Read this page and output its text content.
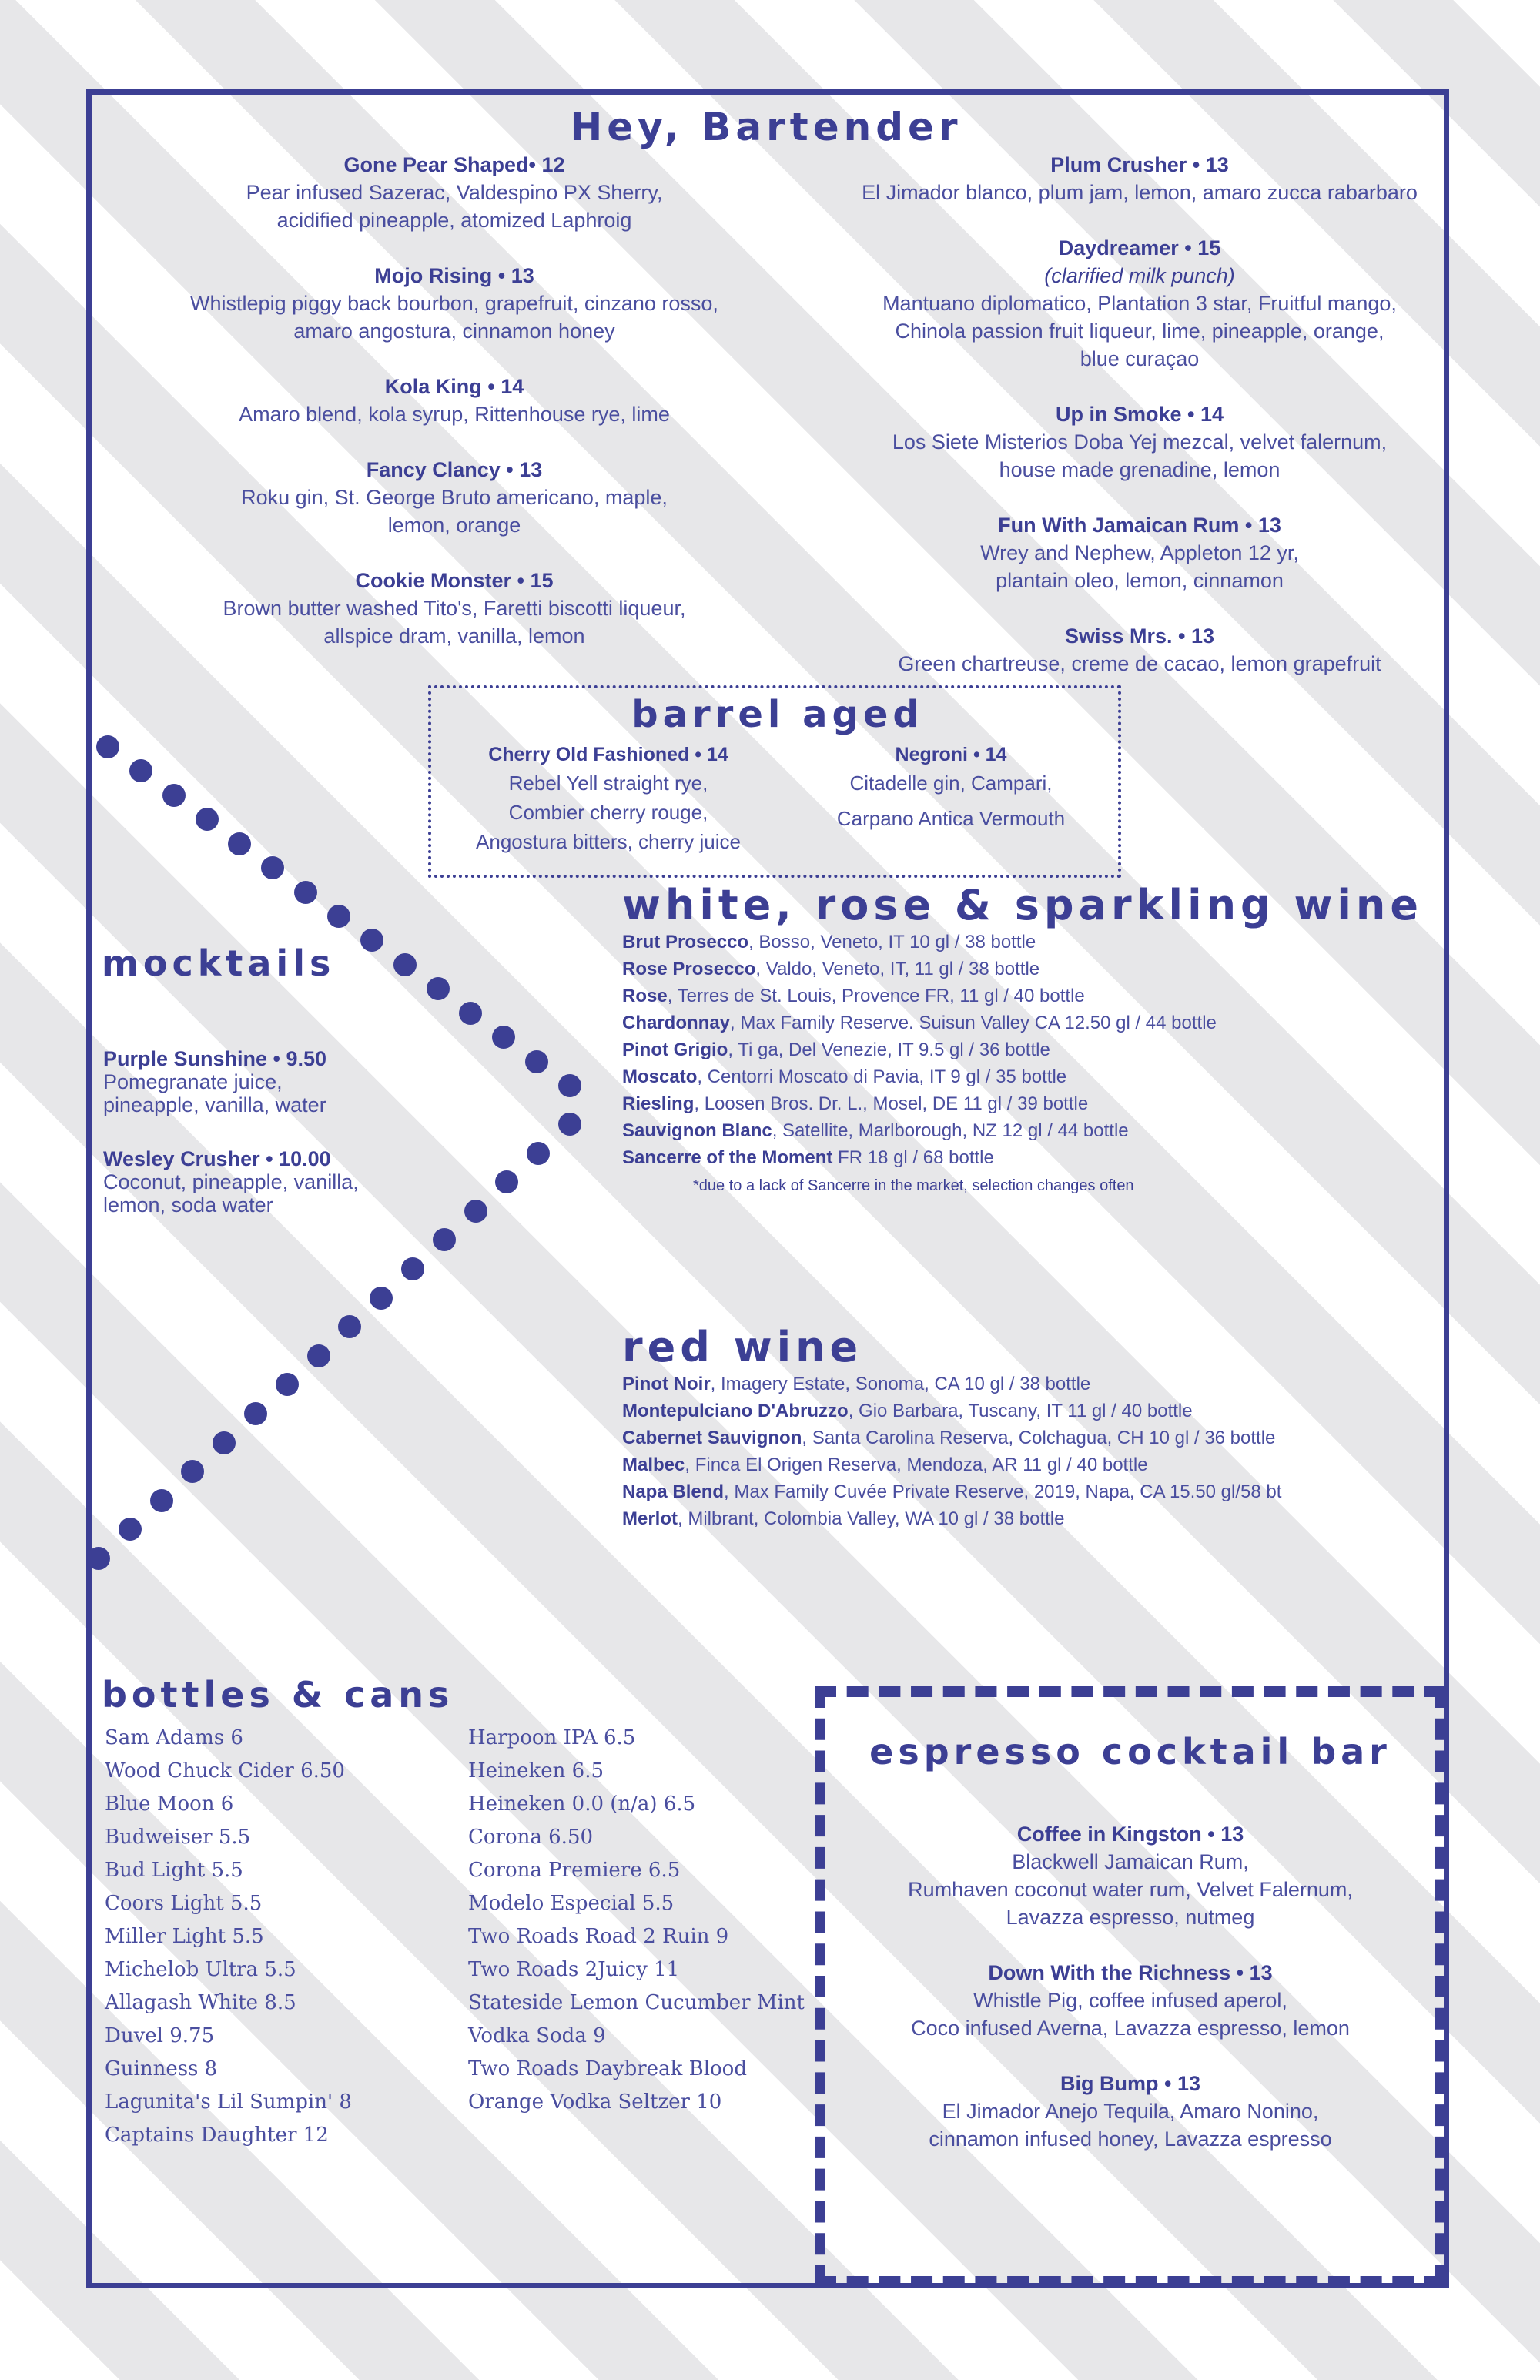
Hey, Bartender
Gone Pear Shaped• 12
Pear infused Sazerac, Valdespino PX Sherry,
acidified pineapple, atomized Laphroig
Mojo Rising • 13
Whistlepig piggy back bourbon, grapefruit, cinzano rosso,
amaro angostura, cinnamon honey
Kola King • 14
Amaro blend, kola syrup, Rittenhouse rye, lime
Fancy Clancy • 13
Roku gin, St. George Bruto americano, maple,
lemon, orange
Cookie Monster • 15
Brown butter washed Tito's, Faretti biscotti liqueur,
allspice dram, vanilla, lemon
Plum Crusher • 13
El Jimador blanco, plum jam, lemon, amaro zucca rabarbaro
Daydreamer • 15
(clarified milk punch)
Mantuano diplomatico, Plantation 3 star, Fruitful mango,
Chinola passion fruit liqueur, lime, pineapple, orange,
blue curaçao
Up in Smoke • 14
Los Siete Misterios Doba Yej mezcal, velvet falernum,
house made grenadine, lemon
Fun With Jamaican Rum • 13
Wrey and Nephew, Appleton 12 yr,
plantain oleo, lemon, cinnamon
Swiss Mrs. • 13
Green chartreuse, creme de cacao, lemon grapefruit
barrel aged
Cherry Old Fashioned • 14
Rebel Yell straight rye,
Combier cherry rouge,
Angostura bitters, cherry juice
Negroni • 14
Citadelle gin, Campari,
Carpano Antica Vermouth
white, rose & sparkling wine
Brut Prosecco, Bosso, Veneto, IT 10 gl / 38 bottle
Rose Prosecco, Valdo, Veneto, IT, 11 gl / 38 bottle
Rose, Terres de St. Louis, Provence FR, 11 gl / 40 bottle
Chardonnay, Max Family Reserve. Suisun Valley CA 12.50 gl / 44 bottle
Pinot Grigio, Ti ga, Del Venezie, IT 9.5 gl / 36 bottle
Moscato, Centorri Moscato di Pavia, IT 9 gl / 35 bottle
Riesling, Loosen Bros. Dr. L., Mosel, DE 11 gl / 39 bottle
Sauvignon Blanc, Satellite, Marlborough, NZ 12 gl / 44 bottle
Sancerre of the Moment FR 18 gl / 68 bottle
*due to a lack of Sancerre in the market, selection changes often
mocktails
Purple Sunshine • 9.50
Pomegranate juice,
pineapple, vanilla, water
Wesley Crusher • 10.00
Coconut, pineapple, vanilla,
lemon, soda water
red wine
Pinot Noir, Imagery Estate, Sonoma, CA 10 gl / 38 bottle
Montepulciano D'Abruzzo, Gio Barbara, Tuscany, IT 11 gl / 40 bottle
Cabernet Sauvignon, Santa Carolina Reserva, Colchagua, CH 10 gl / 36 bottle
Malbec, Finca El Origen Reserva, Mendoza, AR 11 gl / 40 bottle
Napa Blend, Max Family Cuvée Private Reserve, 2019, Napa, CA 15.50 gl/58 bt
Merlot, Milbrant, Colombia Valley, WA 10 gl / 38 bottle
bottles & cans
Sam Adams 6
Wood Chuck Cider 6.50
Blue Moon 6
Budweiser 5.5
Bud Light 5.5
Coors Light 5.5
Miller Light 5.5
Michelob Ultra 5.5
Allagash White 8.5
Duvel 9.75
Guinness 8
Lagunita's Lil Sumpin' 8
Captains Daughter 12
Harpoon IPA 6.5
Heineken 6.5
Heineken 0.0 (n/a) 6.5
Corona 6.50
Corona Premiere 6.5
Modelo Especial 5.5
Two Roads Road 2 Ruin 9
Two Roads 2Juicy 11
Stateside Lemon Cucumber Mint
Vodka Soda 9
Two Roads Daybreak Blood
Orange Vodka Seltzer 10
espresso cocktail bar
Coffee in Kingston • 13
Blackwell Jamaican Rum,
Rumhaven coconut water rum, Velvet Falernum,
Lavazza espresso, nutmeg
Down With the Richness • 13
Whistle Pig, coffee infused aperol,
Coco infused Averna, Lavazza espresso, lemon
Big Bump • 13
El Jimador Anejo Tequila, Amaro Nonino,
cinnamon infused honey, Lavazza espresso
